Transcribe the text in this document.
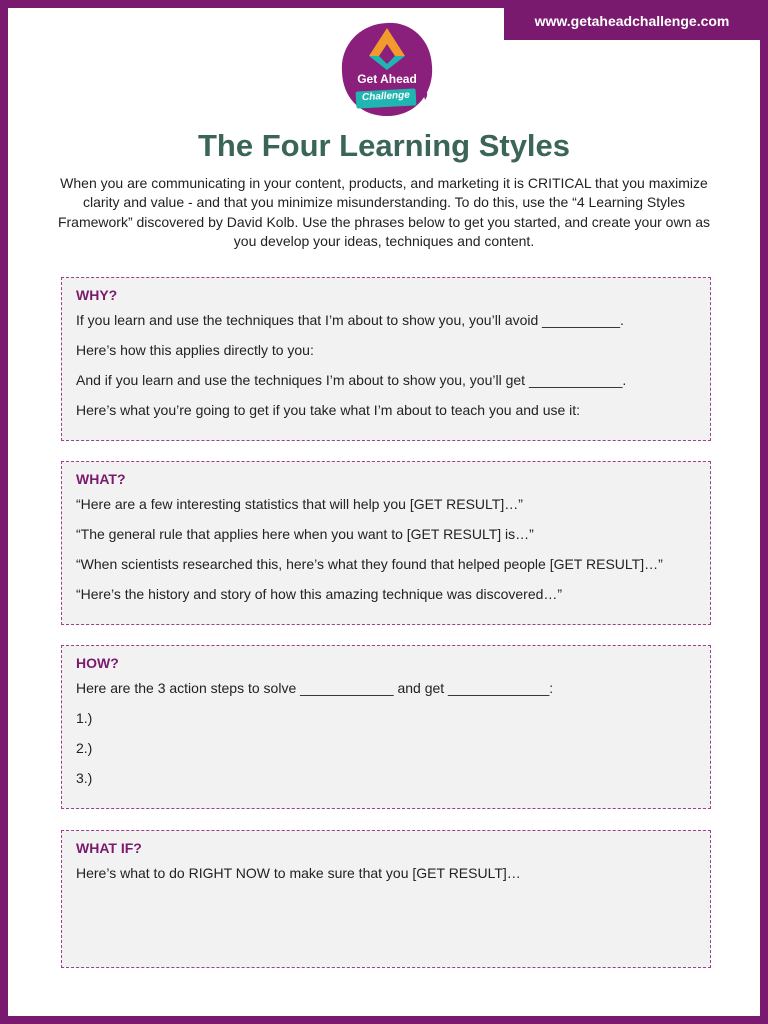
www.getaheadchallenge.com
Get Ahead
Challenge
The Four Learning Styles
When you are communicating in your content, products, and marketing it is CRITICAL that you maximize clarity and value - and that you minimize misunderstanding. To do this, use the “4 Learning Styles Framework” discovered by David Kolb. Use the phrases below to get you started, and create your own as you develop your ideas, techniques and content.
WHY?
If you learn and use the techniques that I’m about to show you, you’ll avoid __________.
Here’s how this applies directly to you:
And if you learn and use the techniques I’m about to show you, you’ll get ____________.
Here’s what you’re going to get if you take what I’m about to teach you and use it:
WHAT?
“Here are a few interesting statistics that will help you [GET RESULT]…”
“The general rule that applies here when you want to [GET RESULT] is…”
“When scientists researched this, here’s what they found that helped people [GET RESULT]…”
“Here’s the history and story of how this amazing technique was discovered…”
HOW?
Here are the 3 action steps to solve ____________ and get _____________:
1.)
2.)
3.)
WHAT IF?
Here’s what to do RIGHT NOW to make sure that you [GET RESULT]…
